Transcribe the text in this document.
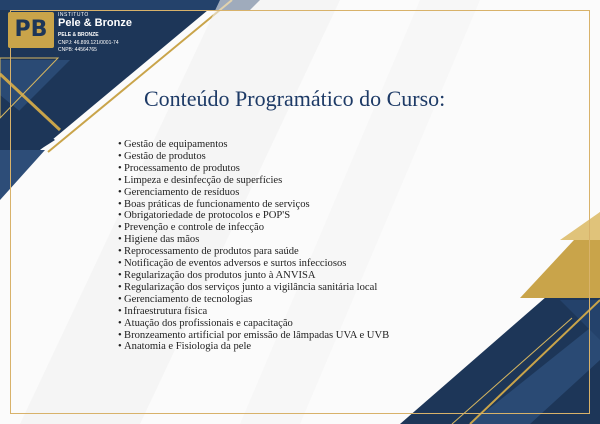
PB
INSTITUTO
Pele & Bronze
PELE & BRONZE
CNPJ: 46.899.121/0001-74
CNPB: 44564765
Conteúdo Programático do Curso:
• Gestão de equipamentos
• Gestão de produtos
• Processamento de produtos
• Limpeza e desinfecção de superfícies
• Gerenciamento de resíduos
• Boas práticas de funcionamento de serviços
• Obrigatoriedade de protocolos e POP'S
• Prevenção e controle de infecção
• Higiene das mãos
• Reprocessamento de produtos para saúde
• Notificação de eventos adversos e surtos infecciosos
• Regularização dos produtos junto à ANVISA
• Regularização dos serviços junto a vigilância sanitária local
• Gerenciamento de tecnologias
• Infraestrutura física
• Atuação dos profissionais e capacitação
• Bronzeamento artificial por emissão de lâmpadas UVA e UVB
• Anatomia e Fisiologia da pele
